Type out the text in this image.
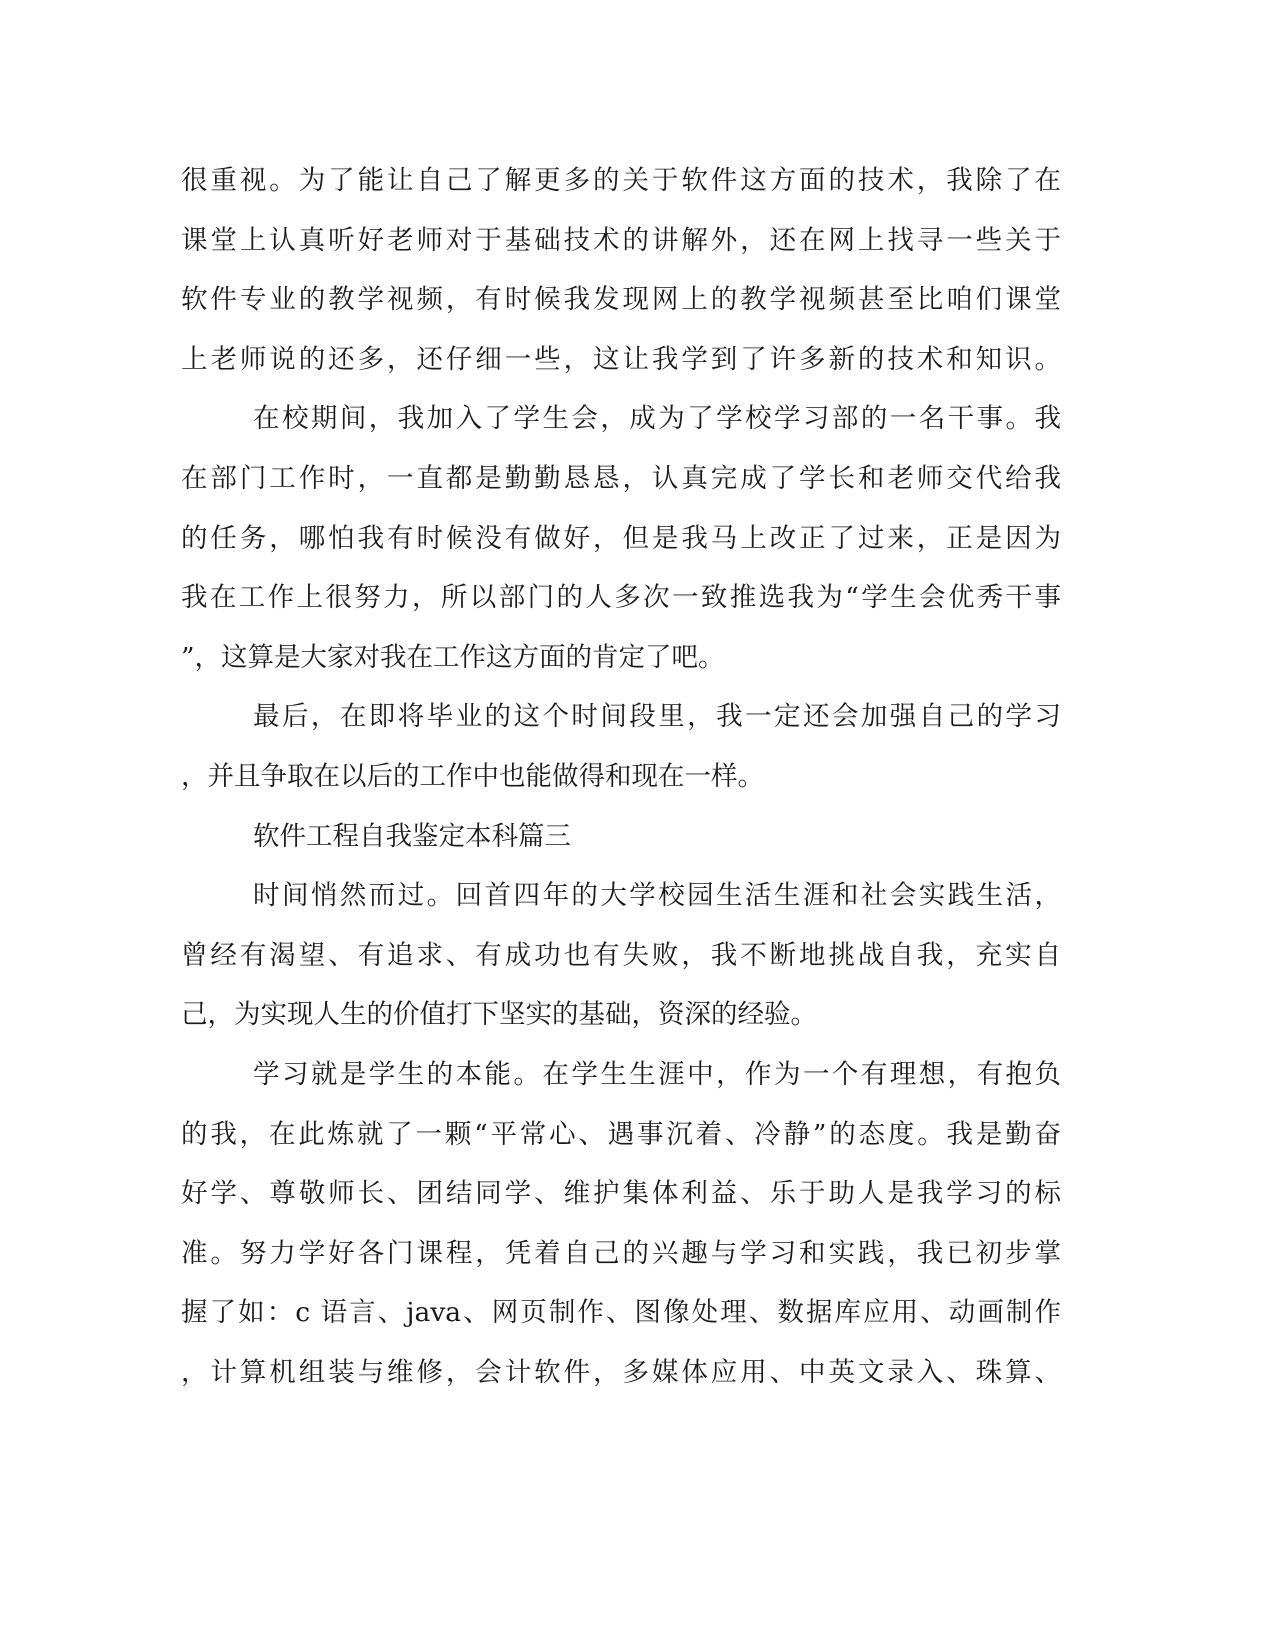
很重视。为了能让自己了解更多的关于软件这方面的技术，我除了在
课堂上认真听好老师对于基础技术的讲解外，还在网上找寻一些关于
软件专业的教学视频，有时候我发现网上的教学视频甚至比咱们课堂
上老师说的还多，还仔细一些，这让我学到了许多新的技术和知识。
在校期间，我加入了学生会，成为了学校学习部的一名干事。我
在部门工作时，一直都是勤勤恳恳，认真完成了学长和老师交代给我
的任务，哪怕我有时候没有做好，但是我马上改正了过来，正是因为
我在工作上很努力，所以部门的人多次一致推选我为“学生会优秀干事
”，这算是大家对我在工作这方面的肯定了吧。
最后，在即将毕业的这个时间段里，我一定还会加强自己的学习
，并且争取在以后的工作中也能做得和现在一样。
软件工程自我鉴定本科篇三
时间悄然而过。回首四年的大学校园生活生涯和社会实践生活，
曾经有渴望、有追求、有成功也有失败，我不断地挑战自我，充实自
己，为实现人生的价值打下坚实的基础，资深的经验。
学习就是学生的本能。在学生生涯中，作为一个有理想，有抱负
的我，在此炼就了一颗“平常心、遇事沉着、冷静”的态度。我是勤奋
好学、尊敬师长、团结同学、维护集体利益、乐于助人是我学习的标
准。努力学好各门课程，凭着自己的兴趣与学习和实践，我已初步掌
握了如：c 语言、java、网页制作、图像处理、数据库应用、动画制作
，计算机组装与维修，会计软件，多媒体应用、中英文录入、珠算、
